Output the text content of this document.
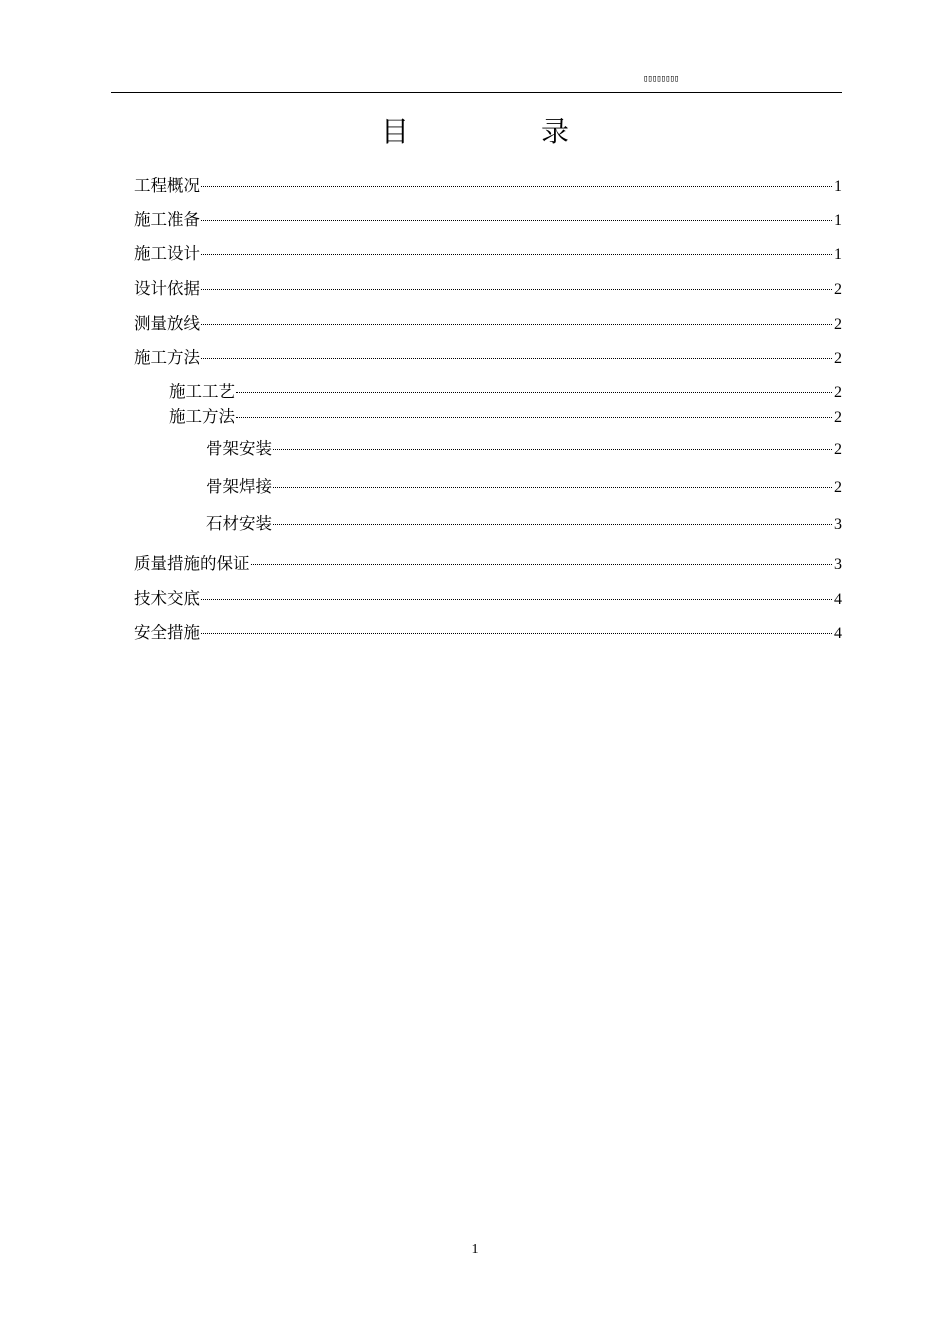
▯▯▯▯▯▯▯▯
目	录
工程概况	1
施工准备	1
施工设计	1
设计依据	2
测量放线	2
施工方法	2
施工工艺	2
施工方法	2
骨架安装	2
骨架焊接	2
石材安装	3
质量措施的保证	3
技术交底	4
安全措施	4
1
